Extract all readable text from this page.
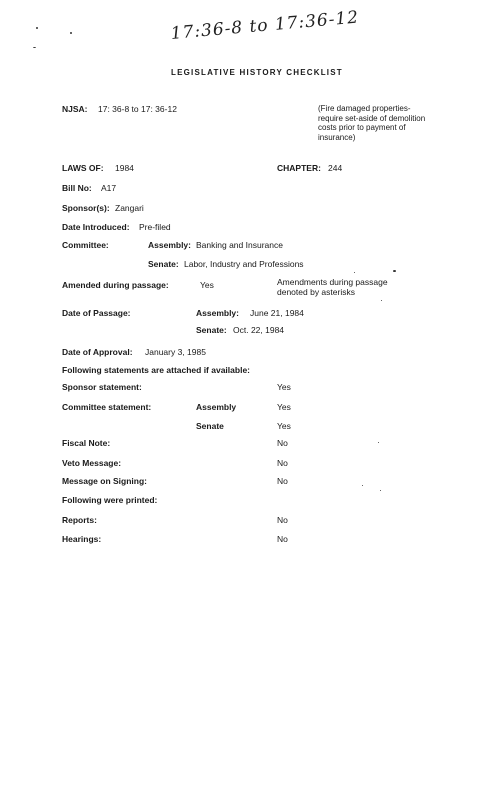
17:36-8 to 17:36-12
LEGISLATIVE HISTORY CHECKLIST
NJSA: 17: 36-8 to 17: 36-12	(Fire damaged properties-require set-aside of demolition costs prior to payment of insurance)
LAWS OF: 1984	CHAPTER: 244
Bill No: A17
Sponsor(s): Zangari
Date Introduced: Pre-filed
Committee:	Assembly: Banking and Insurance
Senate: Labor, Industry and Professions
Amended during passage:	Yes	Amendments during passage denoted by asterisks
Date of Passage:	Assembly: June 21, 1984
Senate: Oct. 22, 1984
Date of Approval: January 3, 1985
Following statements are attached if available:
Sponsor statement:	Yes
Committee statement:	Assembly	Yes
Senate	Yes
Fiscal Note:	No
Veto Message:	No
Message on Signing:	No
Following were printed:
Reports:	No
Hearings:	No
